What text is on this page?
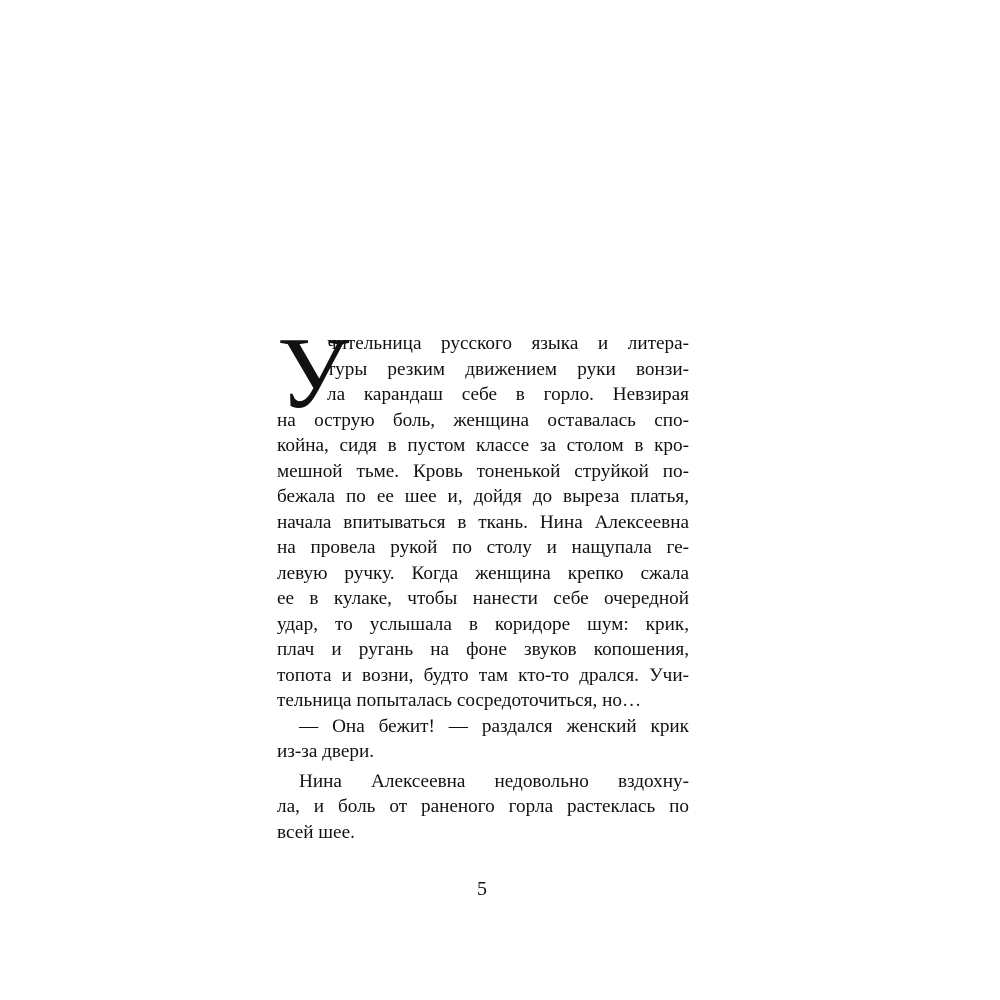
У
чительница русского языка и литера-
туры резким движением руки вонзи-
ла карандаш себе в горло. Невзирая
на острую боль, женщина оставалась спо-
койна, сидя в пустом классе за столом в кро-
мешной тьме. Кровь тоненькой струйкой по-
бежала по ее шее и, дойдя до выреза платья,
начала впитываться в ткань. Нина Алексеевна
на провела рукой по столу и нащупала ге-
левую ручку. Когда женщина крепко сжала
ее в кулаке, чтобы нанести себе очередной
удар, то услышала в коридоре шум: крик,
плач и ругань на фоне звуков копошения,
топота и возни, будто там кто-то дрался. Учи-
тельница попыталась сосредоточиться, но…
— Она бежит! — раздался женский крик
из-за двери.
Нина Алексеевна недовольно вздохну-
ла, и боль от раненого горла растеклась по
всей шее.
5
